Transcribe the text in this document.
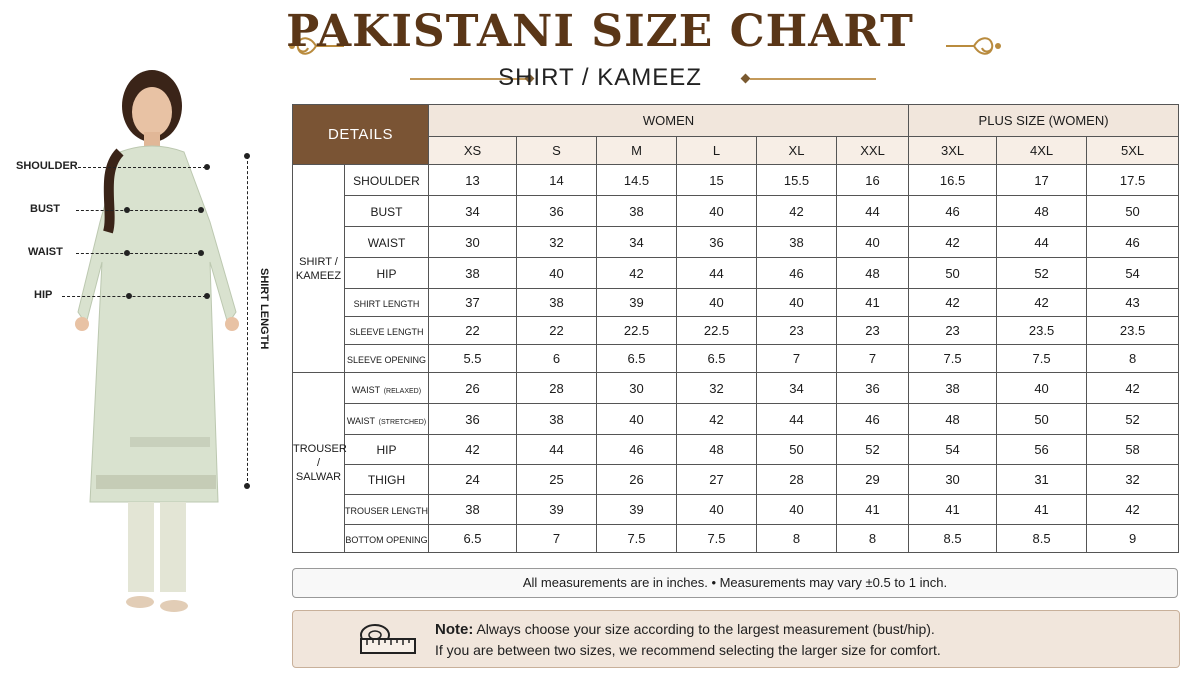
PAKISTANI SIZE CHART
SHIRT / KAMEEZ
SHOULDER
BUST
WAIST
HIP	SHIRT LENGTH
DETAILS		WOMEN						PLUS SIZE (WOMEN)		
		XS	S	M	L	XL	XXL	3XL	4XL	5XL
SHIRT /
KAMEEZ	SHOULDER	13	14	14.5	15	15.5	16	16.5	17	17.5
	BUST	34	36	38	40	42	44	46	48	50
	WAIST	30	32	34	36	38	40	42	44	46
	HIP	38	40	42	44	46	48	50	52	54
	SHIRT LENGTH	37	38	39	40	40	41	42	42	43
	SLEEVE LENGTH	22	22	22.5	22.5	23	23	23	23.5	23.5
	SLEEVE OPENING	5.5	6	6.5	6.5	7	7	7.5	7.5	8
TROUSER /
SALWAR	WAIST (RELAXED)	26	28	30	32	34	36	38	40	42
	WAIST (STRETCHED)	36	38	40	42	44	46	48	50	52
	HIP	42	44	46	48	50	52	54	56	58
	THIGH	24	25	26	27	28	29	30	31	32
	TROUSER LENGTH	38	39	39	40	40	41	41	41	42
	BOTTOM OPENING	6.5	7	7.5	7.5	8	8	8.5	8.5	9
All measurements are in inches. • Measurements may vary ±0.5 to 1 inch.
Note: Always choose your size according to the largest measurement (bust/hip).
If you are between two sizes, we recommend selecting the larger size for comfort.
